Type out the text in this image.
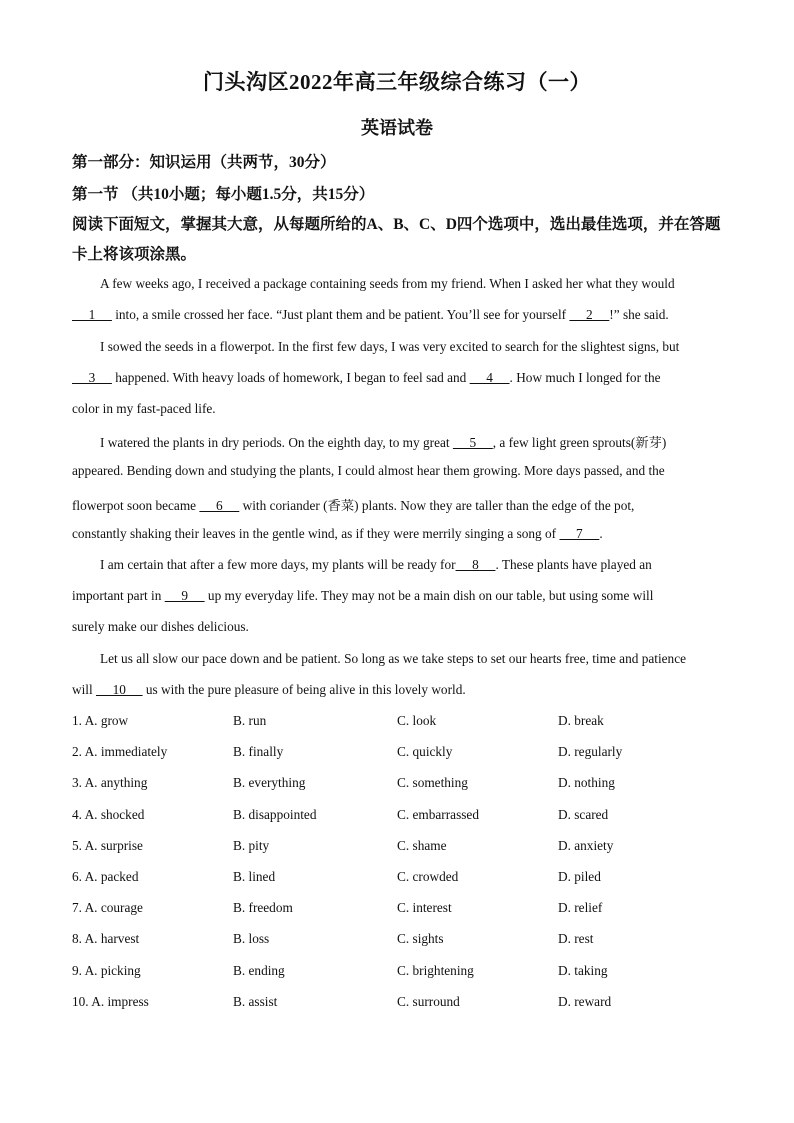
门头沟区2022年高三年级综合练习（一）
英语试卷
第一部分：知识运用（共两节，30分）
第一节 （共10小题；每小题1.5分，共15分）
阅读下面短文，掌握其大意，从每题所给的A、B、C、D四个选项中，选出最佳选项，并在答题卡上将该项涂黑。
A few weeks ago, I received a package containing seeds from my friend. When I asked her what they would
1      into, a smile crossed her face. “Just plant them and be patient. You’ll see for yourself      2     !” she said.
I sowed the seeds in a flowerpot. In the first few days, I was very excited to search for the slightest signs, but
3      happened. With heavy loads of homework, I began to feel sad and      4     . How much I longed for the
color in my fast-paced life.
I watered the plants in dry periods. On the eighth day, to my great      5     , a few light green sprouts(新芽)
appeared. Bending down and studying the plants, I could almost hear them growing. More days passed, and the
flowerpot soon became      6      with coriander (香菜) plants. Now they are taller than the edge of the pot,
constantly shaking their leaves in the gentle wind, as if they were merrily singing a song of      7     .
I am certain that after a few more days, my plants will be ready for     8     . These plants have played an
important part in      9      up my everyday life. They may not be a main dish on our table, but using some will
surely make our dishes delicious.
Let us all slow our pace down and be patient. So long as we take steps to set our hearts free, time and patience
will      10      us with the pure pleasure of being alive in this lovely world.
1. A. grow	B. run	C. look	D. break
2. A. immediately	B. finally	C. quickly	D. regularly
3. A. anything	B. everything	C. something	D. nothing
4. A. shocked	B. disappointed	C. embarrassed	D. scared
5. A. surprise	B. pity	C. shame	D. anxiety
6. A. packed	B. lined	C. crowded	D. piled
7. A. courage	B. freedom	C. interest	D. relief
8. A. harvest	B. loss	C. sights	D. rest
9. A. picking	B. ending	C. brightening	D. taking
10. A. impress	B. assist	C. surround	D. reward
